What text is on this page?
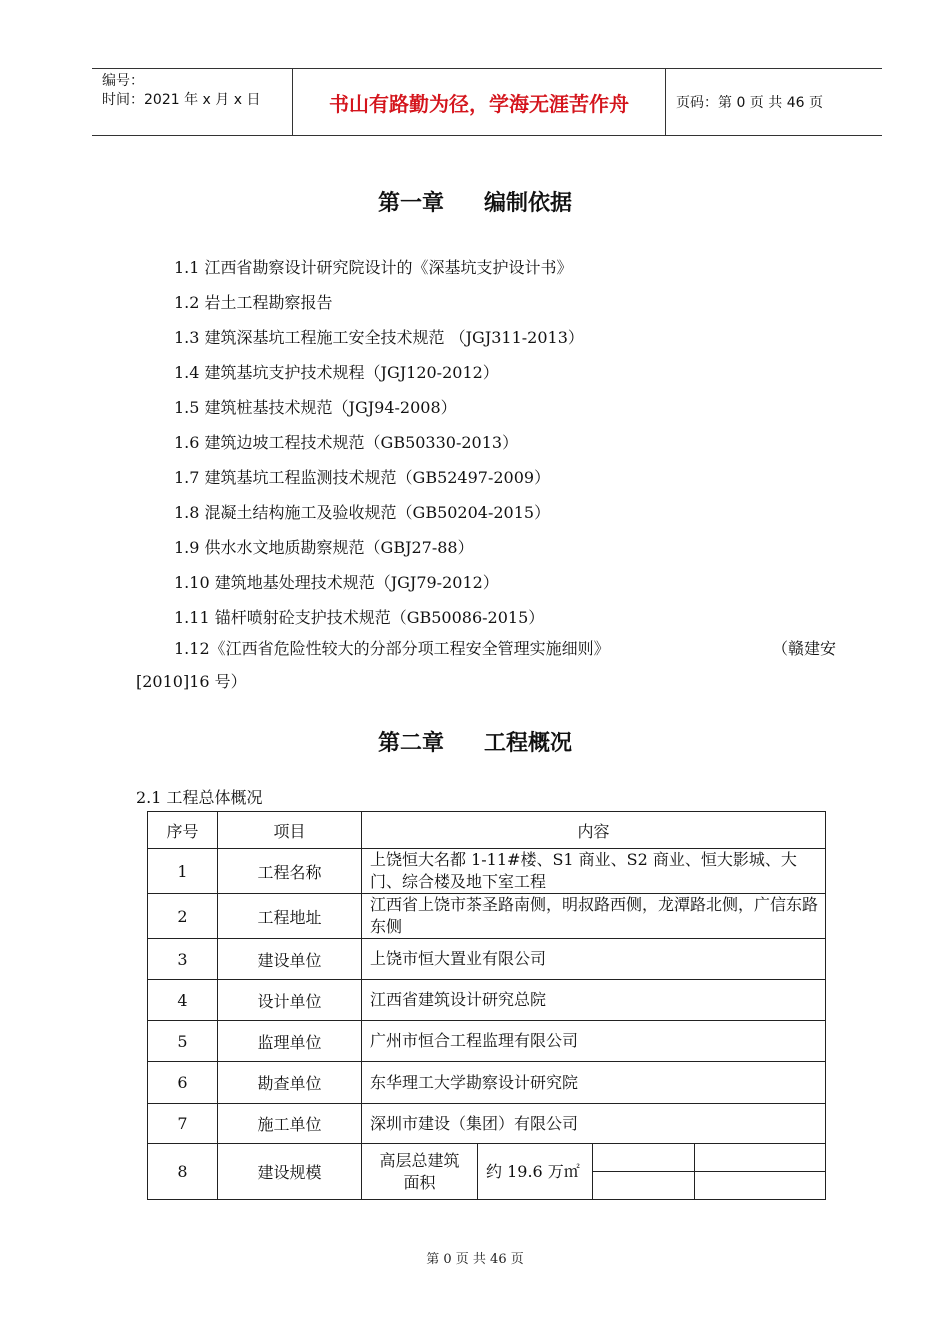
编号：
时间：2021 年 x 月 x 日	书山有路勤为径，学海无涯苦作舟	页码：第 0 页 共 46 页
第一章 编制依据
1.1 江西省勘察设计研究院设计的《深基坑支护设计书》
1.2 岩土工程勘察报告
1.3 建筑深基坑工程施工安全技术规范 （JGJ311-2013）
1.4 建筑基坑支护技术规程（JGJ120-2012）
1.5 建筑桩基技术规范（JGJ94-2008）
1.6 建筑边坡工程技术规范（GB50330-2013）
1.7 建筑基坑工程监测技术规范（GB52497-2009）
1.8 混凝土结构施工及验收规范（GB50204-2015）
1.9 供水水文地质勘察规范（GBJ27-88）
1.10 建筑地基处理技术规范（JGJ79-2012）
1.11 锚杆喷射砼支护技术规范（GB50086-2015）
1.12《江西省危险性较大的分部分项工程安全管理实施细则》	（赣建安
[2010]16 号）
第二章 工程概况
2.1 工程总体概况
序号	项目	内容			
1	工程名称	上饶恒大名都 1-11#楼、S1 商业、S2 商业、恒大影城、大门、综合楼及地下室工程			
2	工程地址	江西省上饶市茶圣路南侧，明叔路西侧，龙潭路北侧，广信东路东侧			
3	建设单位	上饶市恒大置业有限公司			
4	设计单位	江西省建筑设计研究总院			
5	监理单位	广州市恒合工程监理有限公司			
6	勘查单位	东华理工大学勘察设计研究院			
7	施工单位	深圳市建设（集团）有限公司			
8	建设规模	高层总建筑面积	约 19.6 万㎡		

第 0 页 共 46 页
